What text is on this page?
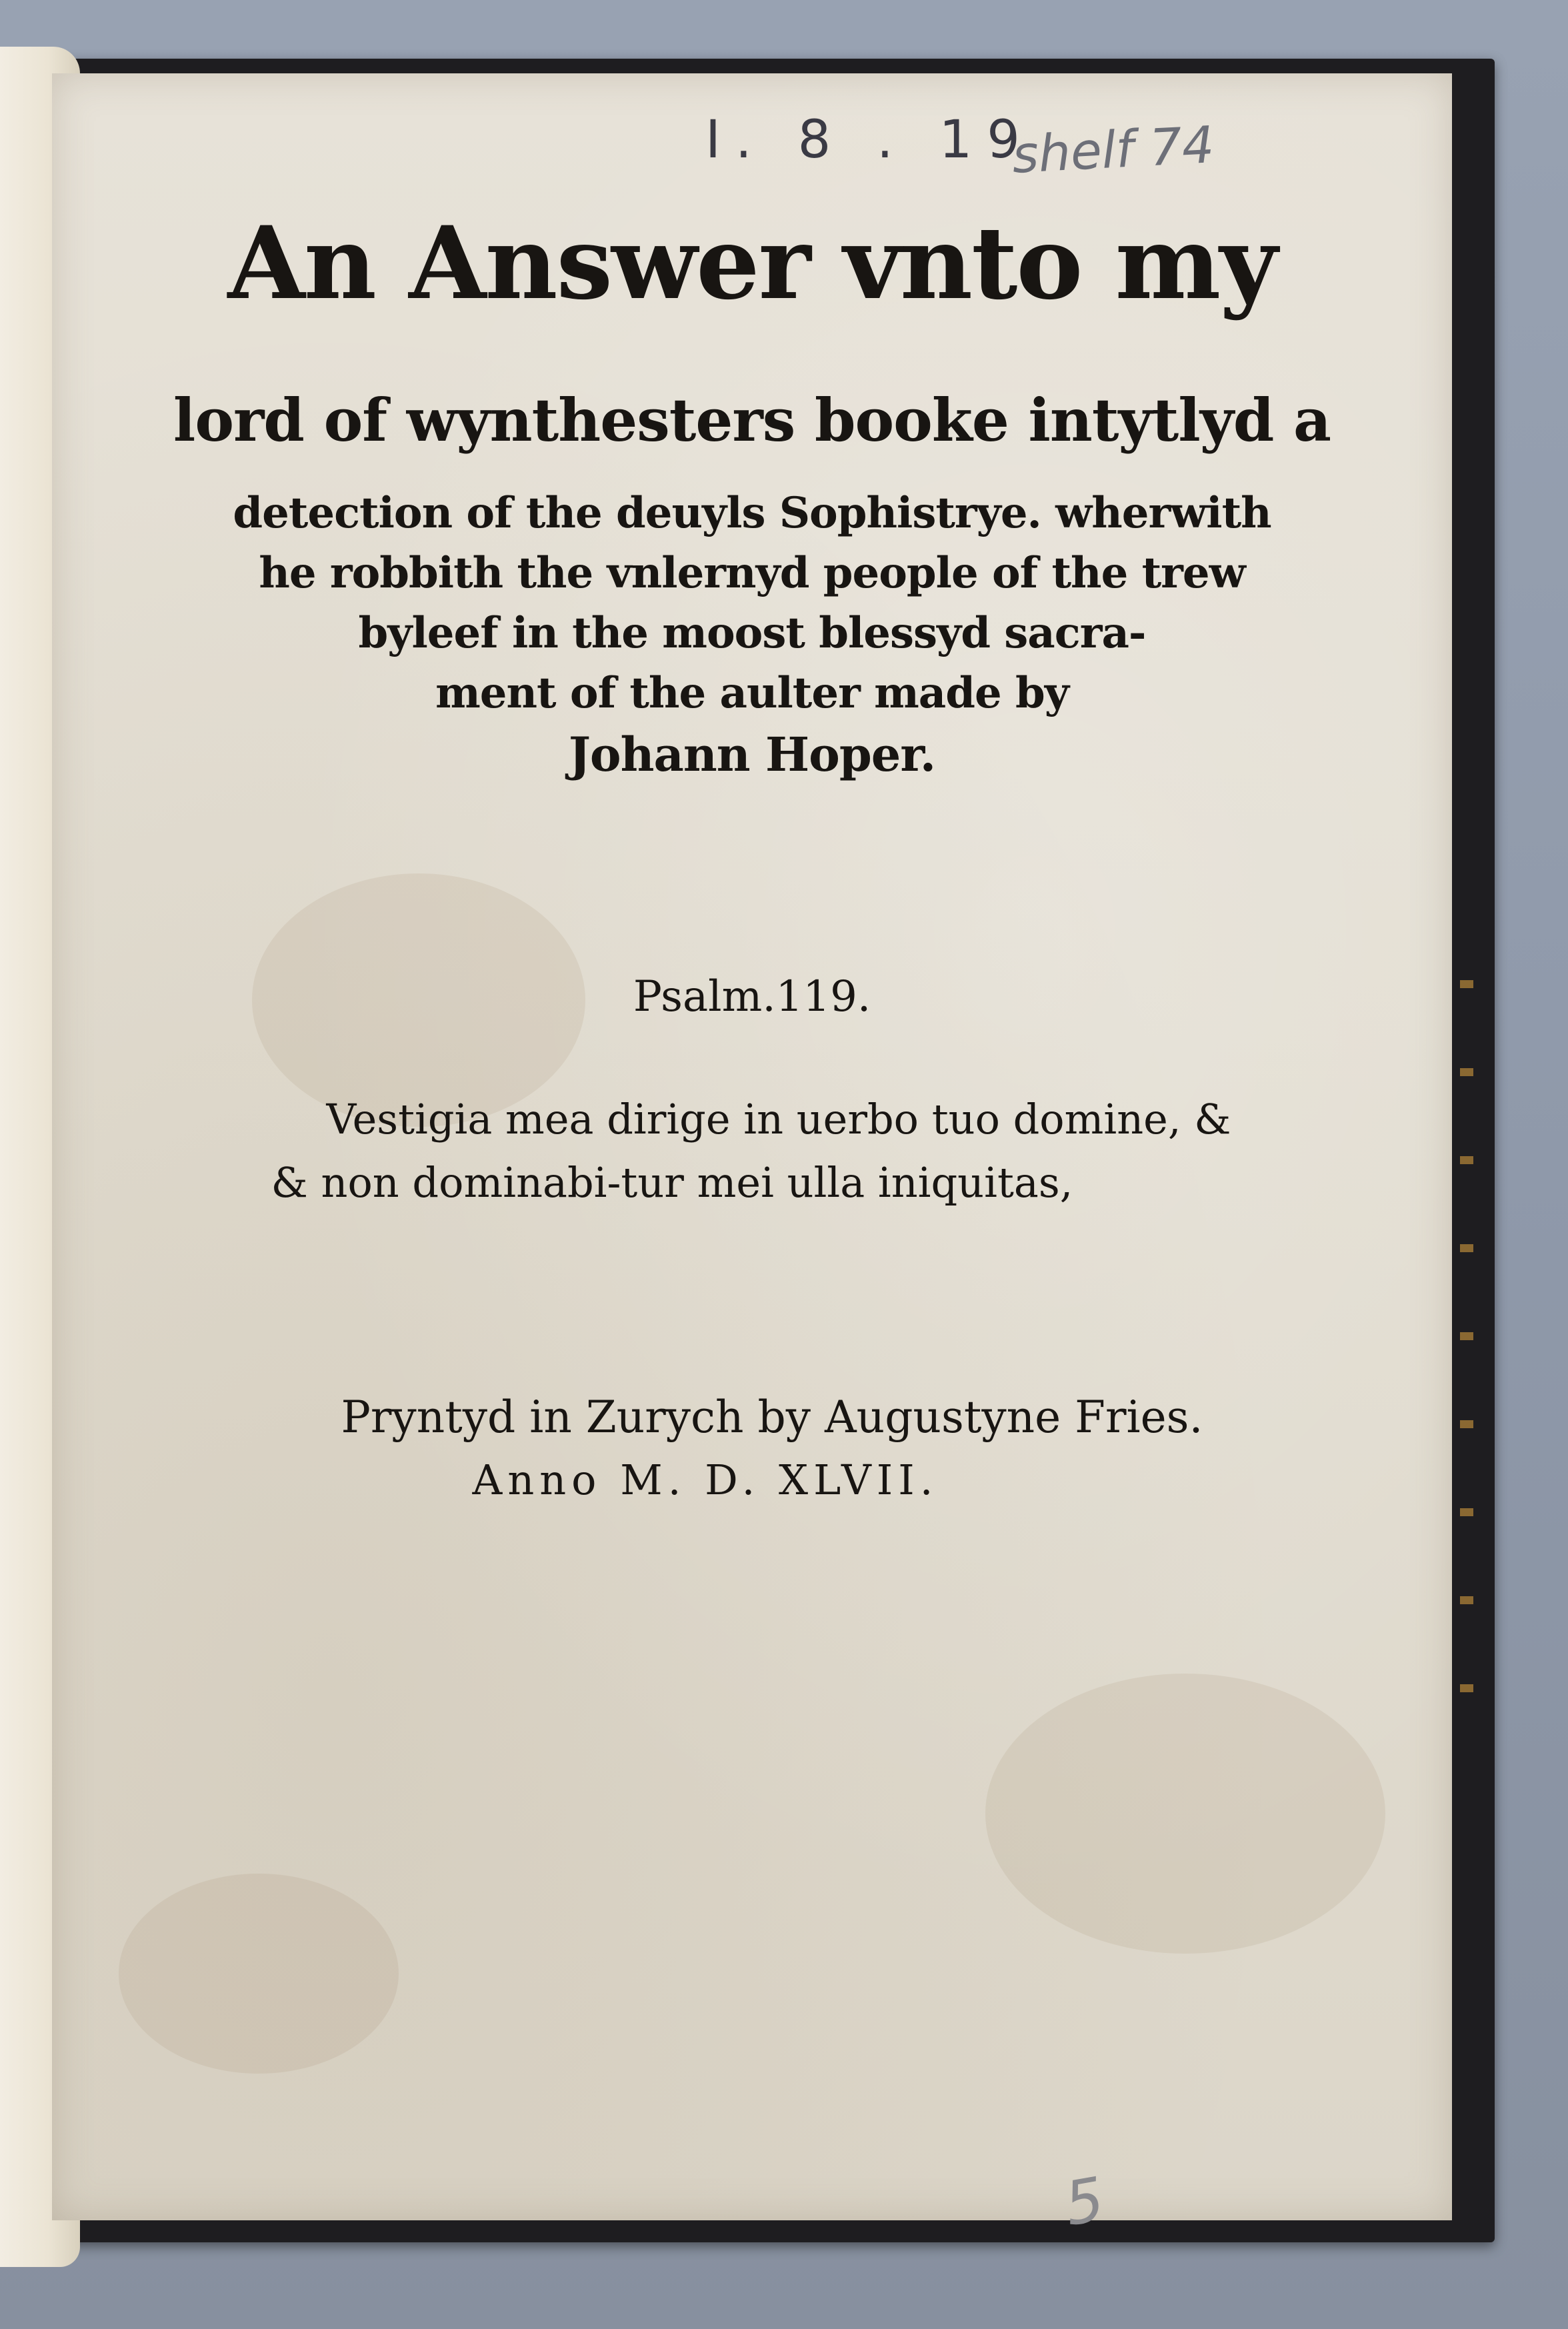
I. 8 . 19
shelf 74
5
An Answer vnto my
lord of wynthesters booke intytlyd a
detection of the deuyls Sophistrye. wherwith
he robbith the vnlernyd people of the trew
byleef in the moost blessyd sacra-
ment of the aulter made by
Johann Hoper.
Psalm.119.
Vestigia mea dirige in uerbo tuo domine, &
& non dominabi-tur mei ulla iniquitas,
Pryntyd in Zurych by Augustyne Fries.
Anno M. D. XLVII.
